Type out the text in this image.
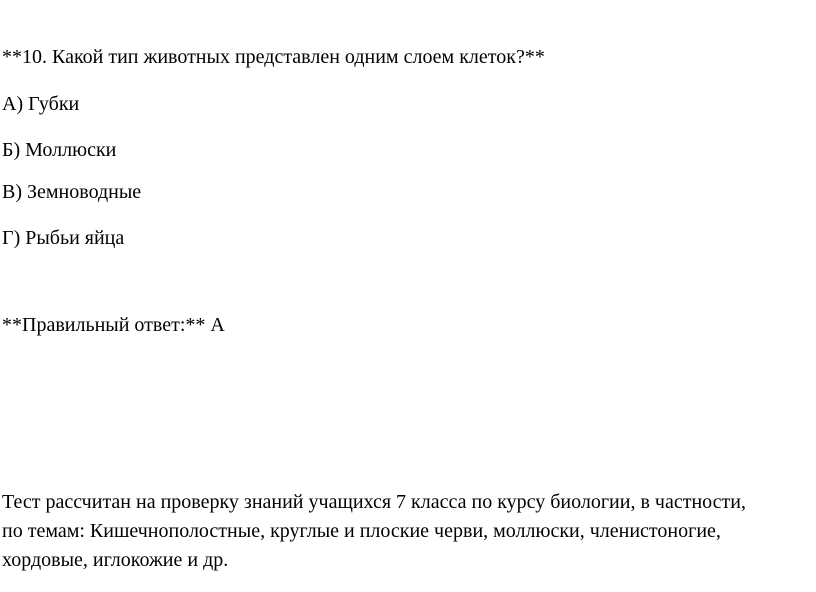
**10. Какой тип животных представлен одним слоем клеток?**
А) Губки
Б) Моллюски
В) Земноводные
Г) Рыбьи яйца
**Правильный ответ:** А
Тест рассчитан на проверку знаний учащихся 7 класса по курсу биологии, в частности,
по темам: Кишечнополостные, круглые и плоские черви, моллюски, членистоногие,
хордовые, иглокожие и др.
